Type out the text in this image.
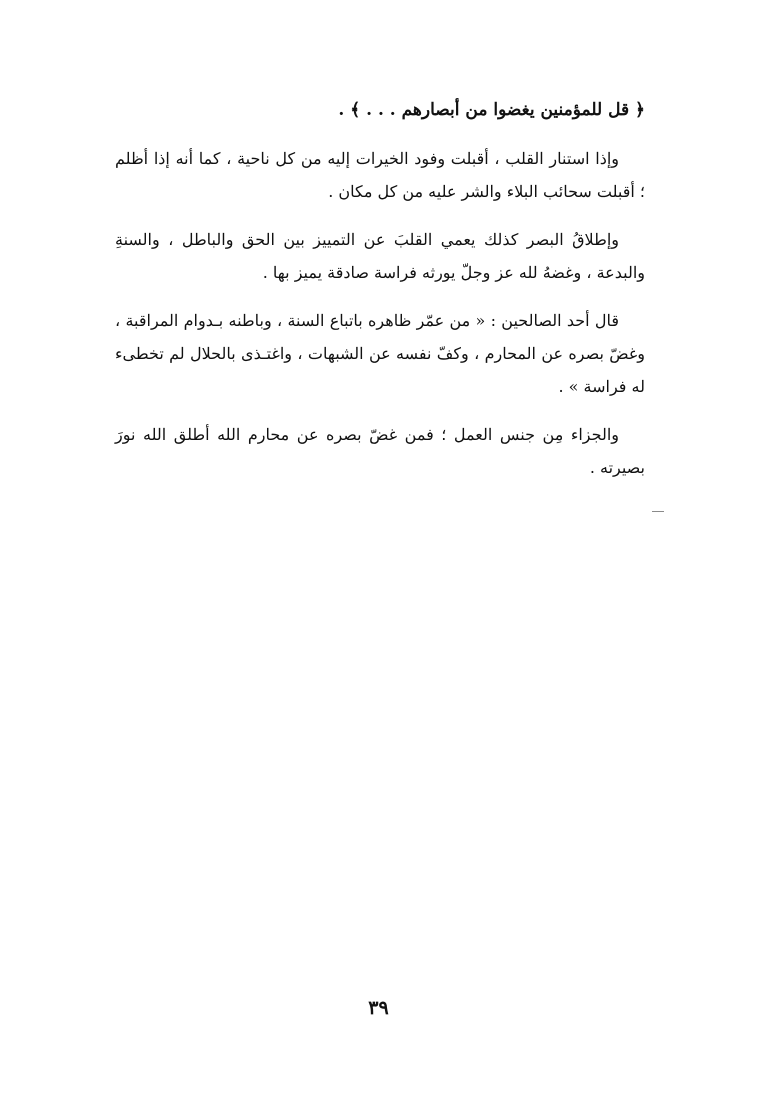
﴿ قل للمؤمنين يغضوا من أبصارهم . . . ﴾ .
وإذا استنار القلب ، أقبلت وفود الخيرات إليه من كل ناحية ، كما أنه إذا أظلم ؛ أقبلت سحائب البلاء والشر عليه من كل مكان .
وإطلاقُ البصر كذلك يعمي القلبَ عن التمييز بين الحق والباطل ، والسنةِ والبدعة ، وغضهُ لله عز وجلّ يورثه فراسة صادقة يميز بها .
قال أحد الصالحين : « من عمّر ظاهره باتباع السنة ، وباطنه بـدوام المراقبة ، وغضّ بصره عن المحارم ، وكفّ نفسه عن الشبهات ، واغتـذى بالحلال لم تخطىء له فراسة » .
والجزاء مِن جنس العمل ؛ فمن غضّ بصره عن محارم الله أطلق الله نورَ بصيرته .
٣٩
